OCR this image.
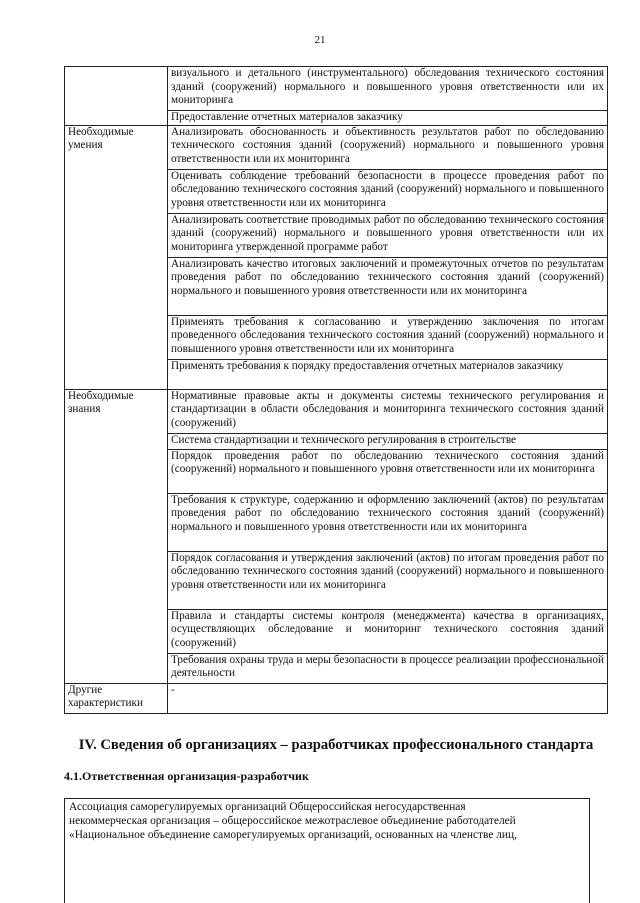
21
	визуального и детального (инструментального) обследования технического состояния зданий (сооружений) нормального и повышенного уровня ответственности или их мониторинга
	Предоставление отчетных материалов заказчику
Необходимые умения	Анализировать обоснованность и объективность результатов работ по обследованию технического состояния зданий (сооружений) нормального и повышенного уровня ответственности или их мониторинга
	Оценивать соблюдение требований безопасности в процессе проведения работ по обследованию технического состояния зданий (сооружений) нормального и повышенного уровня ответственности или их мониторинга
	Анализировать соответствие проводимых работ по обследованию технического состояния зданий (сооружений) нормального и повышенного уровня ответственности или их мониторинга утвержденной программе работ
	Анализировать качество итоговых заключений и промежуточных отчетов по результатам проведения работ по обследованию технического состояния зданий (сооружений) нормального и повышенного уровня ответственности или их мониторинга
	Применять требования к согласованию и утверждению заключения по итогам проведенного обследования технического состояния зданий (сооружений) нормального и повышенного уровня ответственности или их мониторинга
	Применять требования к порядку предоставления отчетных материалов заказчику
Необходимые знания	Нормативные правовые акты и документы системы технического регулирования и стандартизации в области обследования и мониторинга технического состояния зданий (сооружений)
	Система стандартизации и технического регулирования в строительстве
	Порядок проведения работ по обследованию технического состояния зданий (сооружений) нормального и повышенного уровня ответственности или их мониторинга
	Требования к структуре, содержанию и оформлению заключений (актов) по результатам проведения работ по обследованию технического состояния зданий (сооружений) нормального и повышенного уровня ответственности или их мониторинга
	Порядок согласования и утверждения заключений (актов) по итогам проведения работ по обследованию технического состояния зданий (сооружений) нормального и повышенного уровня ответственности или их мониторинга
	Правила и стандарты системы контроля (менеджмента) качества в организациях, осуществляющих обследование и мониторинг технического состояния зданий (сооружений)
	Требования охраны труда и меры безопасности в процессе реализации профессиональной деятельности
Другие характеристики	-
IV. Сведения об организациях – разработчиках профессионального стандарта
4.1.Ответственная организация-разработчик
Ассоциация саморегулируемых организаций Общероссийская негосударственная
некоммерческая организация – общероссийское межотраслевое объединение работодателей
«Национальное объединение саморегулируемых организаций, основанных на членстве лиц,
